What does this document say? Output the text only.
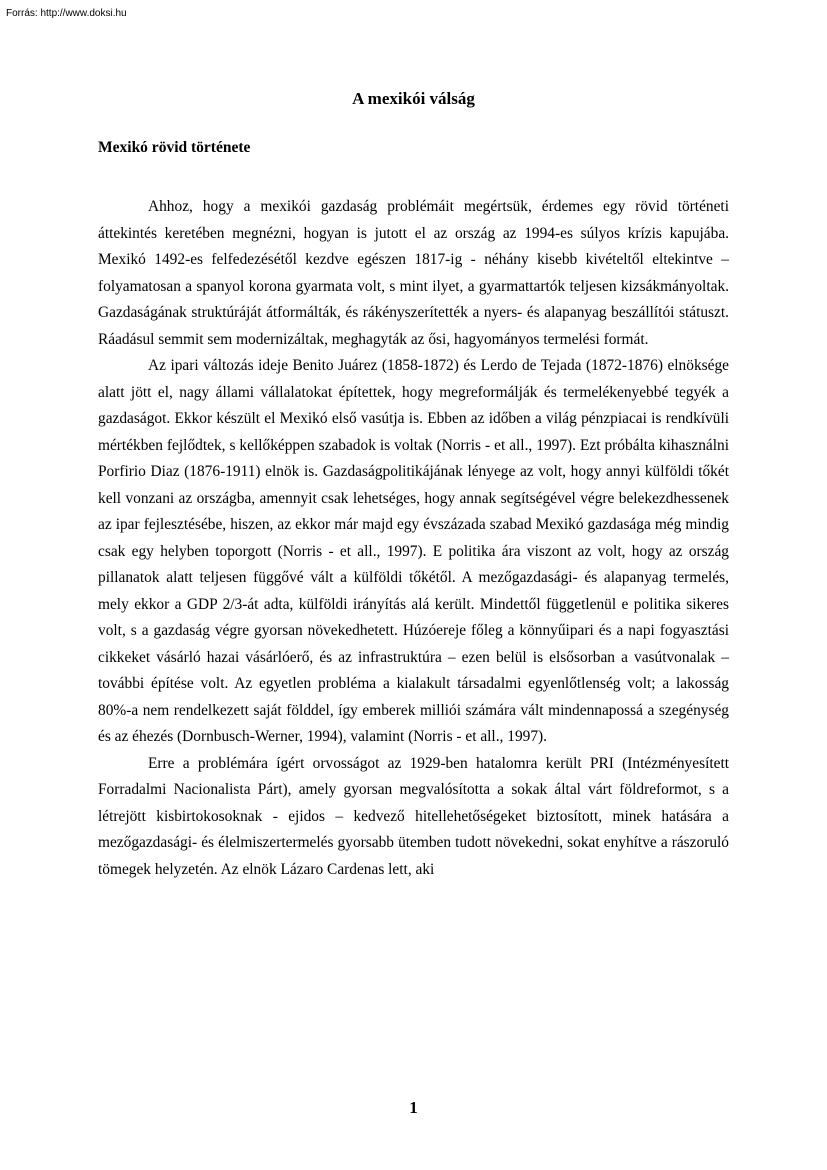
Forrás: http://www.doksi.hu
A mexikói válság
Mexikó rövid története

Ahhoz, hogy a mexikói gazdaság problémáit megértsük, érdemes egy rövid történeti áttekintés keretében megnézni, hogyan is jutott el az ország az 1994-es súlyos krízis kapujába. Mexikó 1492-es felfedezésétől kezdve egészen 1817-ig - néhány kisebb kivételtől eltekintve – folyamatosan a spanyol korona gyarmata volt, s mint ilyet, a gyarmattartók teljesen kizsákmányoltak. Gazdaságának struktúráját átformálták, és rákényszerítették a nyers- és alapanyag beszállítói státuszt. Ráadásul semmit sem modernizáltak, meghagyták az ősi, hagyományos termelési formát.

Az ipari változás ideje Benito Juárez (1858-1872) és Lerdo de Tejada (1872-1876) elnöksége alatt jött el, nagy állami vállalatokat építettek, hogy megreformálják és termelékenyebbé tegyék a gazdaságot. Ekkor készült el Mexikó első vasútja is. Ebben az időben a világ pénzpiacai is rendkívüli mértékben fejlődtek, s kellőképpen szabadok is voltak (Norris - et all., 1997). Ezt próbálta kihasználni Porfirio Diaz (1876-1911) elnök is. Gazdaságpolitikájának lényege az volt, hogy annyi külföldi tőkét kell vonzani az országba, amennyit csak lehetséges, hogy annak segítségével végre belekezdhessenek az ipar fejlesztésébe, hiszen, az ekkor már majd egy évszázada szabad Mexikó gazdasága még mindig csak egy helyben toporgott (Norris - et all., 1997). E politika ára viszont az volt, hogy az ország pillanatok alatt teljesen függővé vált a külföldi tőkétől. A mezőgazdasági- és alapanyag termelés, mely ekkor a GDP 2/3-át adta, külföldi irányítás alá került. Mindettől függetlenül e politika sikeres volt, s a gazdaság végre gyorsan növekedhetett. Húzóereje főleg a könnyűipari és a napi fogyasztási cikkeket vásárló hazai vásárlóerő, és az infrastruktúra – ezen belül is elsősorban a vasútvonalak – további építése volt. Az egyetlen probléma a kialakult társadalmi egyenlőtlenség volt; a lakosság 80%-a nem rendelkezett saját földdel, így emberek milliói számára vált mindennapossá a szegénység és az éhezés (Dornbusch-Werner, 1994), valamint (Norris - et all., 1997).

Erre a problémára ígért orvosságot az 1929-ben hatalomra került PRI (Intézményesített Forradalmi Nacionalista Párt), amely gyorsan megvalósította a sokak által várt földreformot, s a létrejött kisbirtokosoknak - ejidos – kedvező hitellehetőségeket biztosított, minek hatására a mezőgazdasági- és élelmiszertermelés gyorsabb ütemben tudott növekedni, sokat enyhítve a rászoruló tömegek helyzetén. Az elnök Lázaro Cardenas lett, aki

1
